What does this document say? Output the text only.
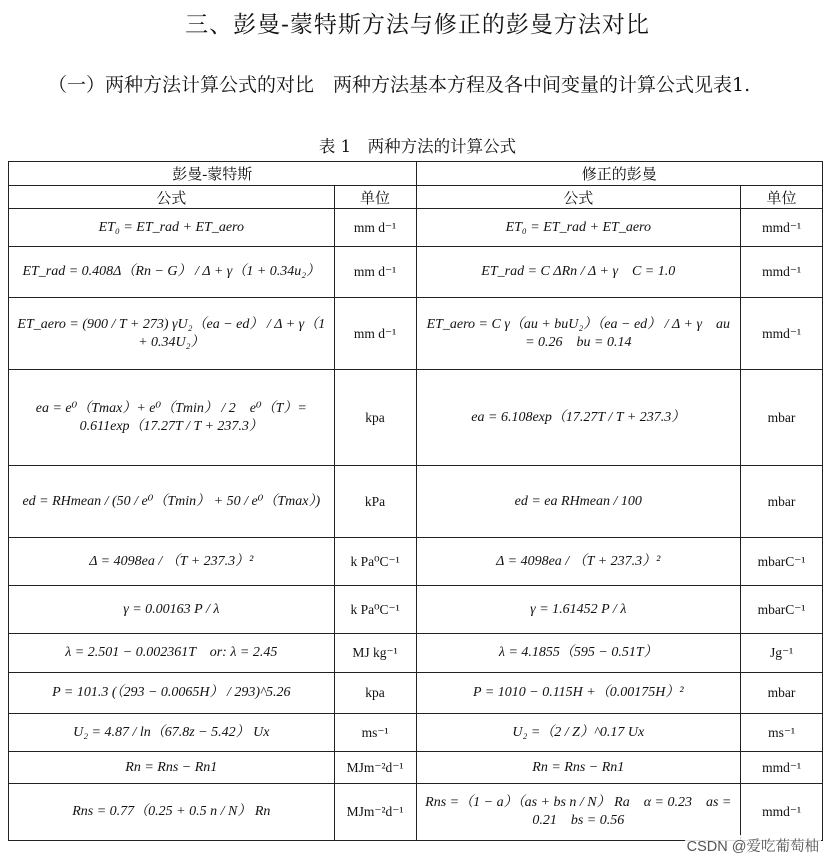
三、彭曼-蒙特斯方法与修正的彭曼方法对比
（一）两种方法计算公式的对比　 两种方法基本方程及各中间变量的计算公式见表1.
表 1　两种方法的计算公式
彭曼-蒙特斯		修正的彭曼	
公式	单位	公式	单位
ET₀ = ET_rad + ET_aero	mm d⁻¹	ET₀ = ET_rad + ET_aero	mmd⁻¹
ET_rad = 0.408Δ（Rn − G） / Δ + γ（1 + 0.34u₂）	mm d⁻¹	ET_rad = C ΔRn / Δ + γ　C = 1.0	mmd⁻¹
ET_aero = (900 / T + 273) γU₂（ea − ed） / Δ + γ（1 + 0.34U₂）	mm d⁻¹	ET_aero = C γ（au + buU₂）（ea − ed） / Δ + γ　au = 0.26　bu = 0.14	mmd⁻¹
ea = e⁰（Tmax）+ e⁰（Tmin） / 2　e⁰（T）= 0.611exp（17.27T / T + 237.3）	kpa	ea = 6.108exp（17.27T / T + 237.3）	mbar
ed = RHmean / (50 / e⁰（Tmin） + 50 / e⁰（Tmax）)	kPa	ed = ea RHmean / 100	mbar
Δ = 4098ea / （T + 237.3）²	k Pa⁰C⁻¹	Δ = 4098ea / （T + 237.3）²	mbarC⁻¹
γ = 0.00163 P / λ	k Pa⁰C⁻¹	γ = 1.61452 P / λ	mbarC⁻¹
λ = 2.501 − 0.002361T　or: λ = 2.45	MJ kg⁻¹	λ = 4.1855（595 − 0.51T）	Jg⁻¹
P = 101.3 (（293 − 0.0065H） / 293)^5.26	kpa	P = 1010 − 0.115H +（0.00175H）²	mbar
U₂ = 4.87 / ln（67.8z − 5.42） Ux	ms⁻¹	U₂ =（2 / Z）^0.17 Ux	ms⁻¹
Rn = Rns − Rn1	MJm⁻²d⁻¹	Rn = Rns − Rn1	mmd⁻¹
Rns = 0.77（0.25 + 0.5 n / N） Rn	MJm⁻²d⁻¹	Rns =（1 − a）（as + bs n / N） Ra　α = 0.23　as = 0.21　bs = 0.56	mmd⁻¹
CSDN @爱吃葡萄柚
